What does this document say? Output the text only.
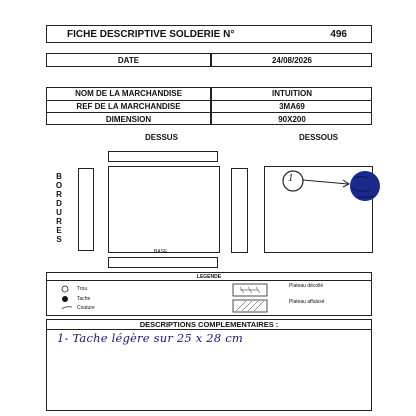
FICHE DESCRIPTIVE SOLDERIE N°	496
DATE	24/08/2026
NOM DE LA MARCHANDISE	INTUITION
REF DE LA MARCHANDISE	3MA69
DIMENSION	90X200
DESSUS	DESSOUS
B
O
R
D
U
R
E
S
BASE
1
LEGENDE
Trou
Tache
Couture
Plateau décollé
Plateau affaissé
DESCRIPTIONS COMPLEMENTAIRES :
1- Tache légère sur 25 x 28 cm
